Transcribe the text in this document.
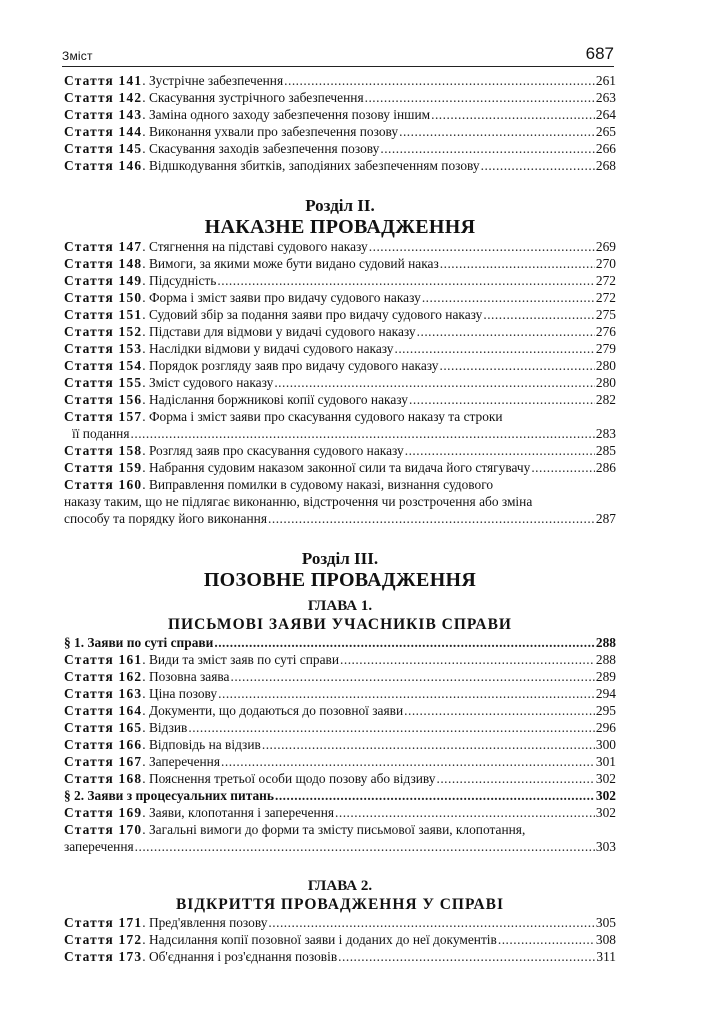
Зміст	687
Стаття 141 . Зустрічне забезпечення .....	261
Стаття 142 . Скасування зустрічного забезпечення .....	263
Стаття 143 . Заміна одного заходу забезпечення позову іншим .....	264
Стаття 144 . Виконання ухвали про забезпечення позову .....	265
Стаття 145 . Скасування заходів забезпечення позову .....	266
Стаття 146 . Відшкодування збитків, заподіяних забезпеченням позову .....	268
Розділ ІІ.
НАКАЗНЕ ПРОВАДЖЕННЯ
Стаття 147 . Стягнення на підставі судового наказу .....	269
Стаття 148 . Вимоги, за якими може бути видано судовий наказ .....	270
Стаття 149 . Підсудність .....	272
Стаття 150 . Форма і зміст заяви про видачу судового наказу .....	272
Стаття 151 . Судовий збір за подання заяви про видачу судового наказу .....	275
Стаття 152 . Підстави для відмови у видачі судового наказу .....	276
Стаття 153 . Наслідки відмови у видачі судового наказу .....	279
Стаття 154 . Порядок розгляду заяв про видачу судового наказу .....	280
Стаття 155 . Зміст судового наказу .....	280
Стаття 156 . Надіслання боржникові копії судового наказу .....	282
Стаття 157. Форма і зміст заяви про скасування судового наказу та строки
її подання .....	283
Стаття 158 . Розгляд заяв про скасування судового наказу .....	285
Стаття 159 . Набрання судовим наказом законної сили та видача його стягувачу .....	286
Стаття 160. Виправлення помилки в судовому наказі, визнання судового
наказу таким, що не підлягає виконанню, відстрочення чи розстрочення або зміна
способу та порядку його виконання .....	287
Розділ ІІІ.
ПОЗОВНЕ ПРОВАДЖЕННЯ
ГЛАВА 1.
ПИСЬМОВІ ЗАЯВИ УЧАСНИКІВ СПРАВИ
§ 1. Заяви по суті справи .....	288
Стаття 161 . Види та зміст заяв по суті справи .....	288
Стаття 162 . Позовна заява .....	289
Стаття 163 . Ціна позову .....	294
Стаття 164 . Документи, що додаються до позовної заяви .....	295
Стаття 165 . Відзив .....	296
Стаття 166 . Відповідь на відзив .....	300
Стаття 167 . Заперечення .....	301
Стаття 168 . Пояснення третьої особи щодо позову або відзиву .....	302
§ 2. Заяви з процесуальних питань .....	302
Стаття 169 . Заяви, клопотання і заперечення .....	302
Стаття 170. Загальні вимоги до форми та змісту письмової заяви, клопотання,
заперечення .....	303
ГЛАВА 2.
ВІДКРИТТЯ ПРОВАДЖЕННЯ У СПРАВІ
Стаття 171 . Пред'явлення позову .....	305
Стаття 172 . Надсилання копії позовної заяви і доданих до неї документів .....	308
Стаття 173 . Об'єднання і роз'єднання позовів .....	311
